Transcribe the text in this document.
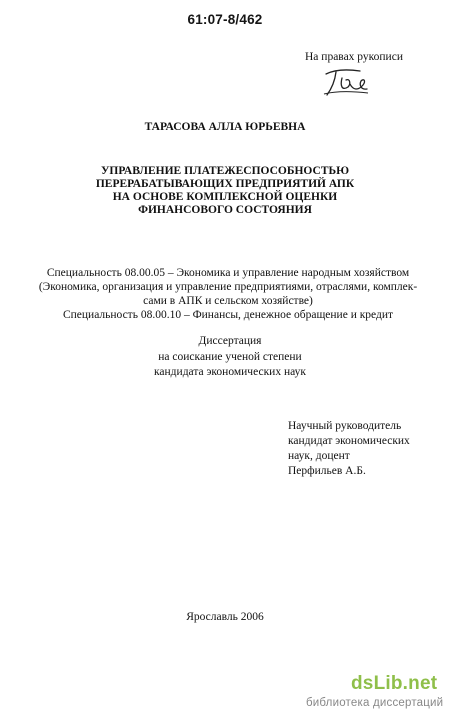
61:07-8/462
На правах рукописи
ТАРАСОВА АЛЛА ЮРЬЕВНА
УПРАВЛЕНИЕ ПЛАТЕЖЕСПОСОБНОСТЬЮ
ПЕРЕРАБАТЫВАЮЩИХ ПРЕДПРИЯТИЙ АПК
НА ОСНОВЕ КОМПЛЕКСНОЙ ОЦЕНКИ
ФИНАНСОВОГО СОСТОЯНИЯ
Специальность 08.00.05 – Экономика и управление народным хозяйством
(Экономика, организация и управление предприятиями, отраслями, комплек-
сами в АПК и сельском хозяйстве)
Специальность 08.00.10 – Финансы, денежное обращение и кредит
Диссертация
на соискание ученой степени
кандидата экономических наук
Научный руководитель
кандидат экономических
наук, доцент
Перфильев А.Б.
Ярославль 2006
dsLib.net
библиотека диссертаций
